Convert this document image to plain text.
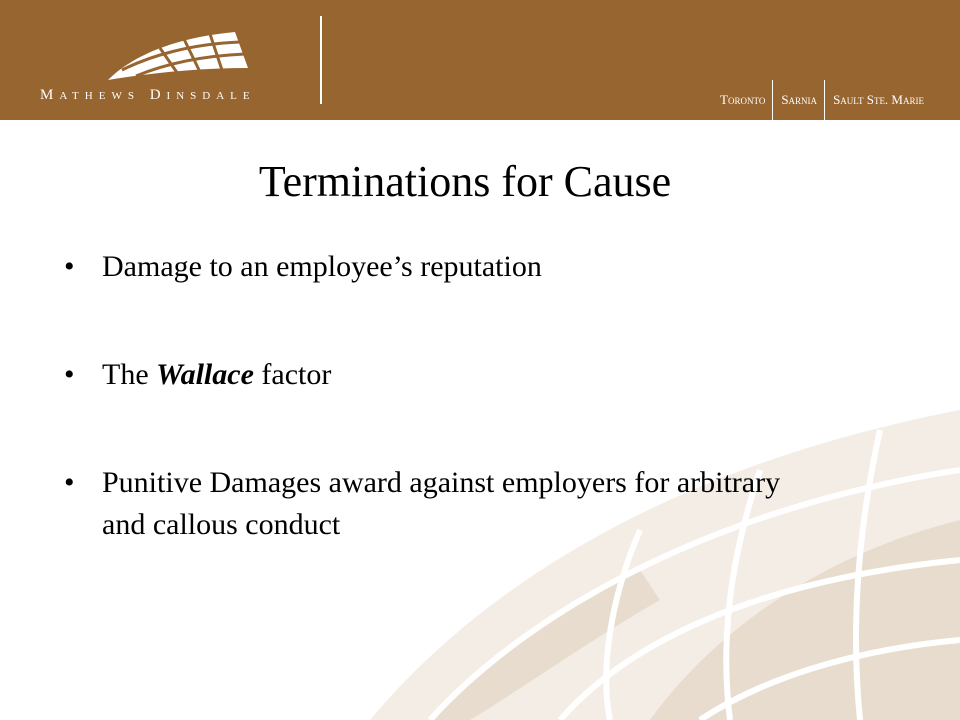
Mathews Dinsdale	Toronto	Sarnia	Sault Ste. Marie
Terminations for Cause
• Damage to an employee’s reputation
• The Wallace factor
• Punitive Damages award against employers for arbitrary and callous conduct
